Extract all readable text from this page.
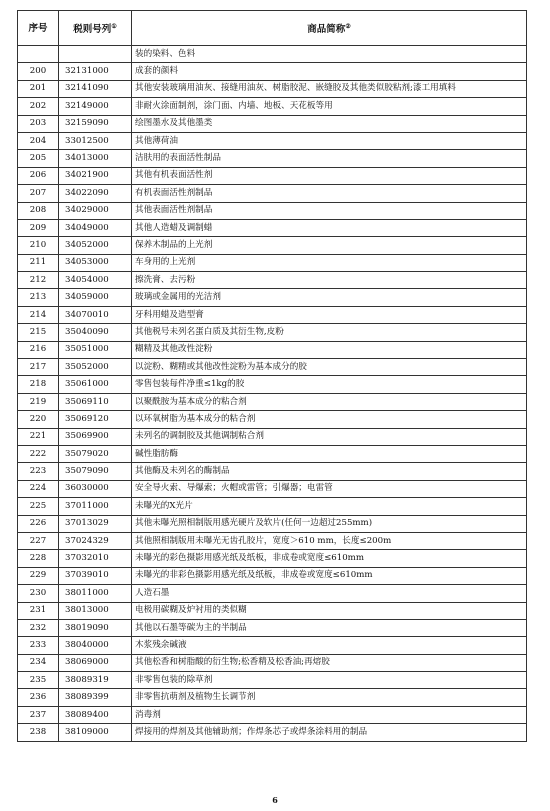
序号	税则号列①	商品简称②
		装的染料、色料
200	32131000	成套的颜料
201	32141090	其他安装玻璃用油灰、接缝用油灰、树脂胶泥、嵌缝胶及其他类似胶粘剂;漆工用填料
202	32149000	非耐火涂面制剂，涂门面、内墙、地板、天花板等用
203	32159090	绘图墨水及其他墨类
204	33012500	其他薄荷油
205	34013000	洁肤用的表面活性制品
206	34021900	其他有机表面活性剂
207	34022090	有机表面活性剂制品
208	34029000	其他表面活性剂制品
209	34049000	其他人造蜡及调制蜡
210	34052000	保养木制品的上光剂
211	34053000	车身用的上光剂
212	34054000	擦洗膏、去污粉
213	34059000	玻璃或金属用的光洁剂
214	34070010	牙科用蜡及造型膏
215	35040090	其他税号未列名蛋白质及其衍生物,皮粉
216	35051000	糊精及其他改性淀粉
217	35052000	以淀粉、糊精或其他改性淀粉为基本成分的胶
218	35061000	零售包装每件净重≤1kg的胶
219	35069110	以聚酰胺为基本成分的粘合剂
220	35069120	以环氧树脂为基本成分的粘合剂
221	35069900	未列名的调制胶及其他调制粘合剂
222	35079020	碱性脂肪酶
223	35079090	其他酶及未列名的酶制品
224	36030000	安全导火索、导爆索；火帽或雷管；引爆器；电雷管
225	37011000	未曝光的X光片
226	37013029	其他未曝光照相制版用感光硬片及软片(任何一边超过255mm)
227	37024329	其他照相制版用未曝光无齿孔胶片，宽度＞610 mm，长度≤200m
228	37032010	未曝光的彩色摄影用感光纸及纸板，非成卷或宽度≤610mm
229	37039010	未曝光的非彩色摄影用感光纸及纸板，非成卷或宽度≤610mm
230	38011000	人造石墨
231	38013000	电极用碳糊及炉衬用的类似糊
232	38019090	其他以石墨等碳为主的半制品
233	38040000	木浆残余碱液
234	38069000	其他松香和树脂酸的衍生物;松香精及松香油;再熔胶
235	38089319	非零售包装的除草剂
236	38089399	非零售抗萌剂及植物生长调节剂
237	38089400	消毒剂
238	38109000	焊接用的焊剂及其他辅助剂；作焊条芯子或焊条涂料用的制品
6
